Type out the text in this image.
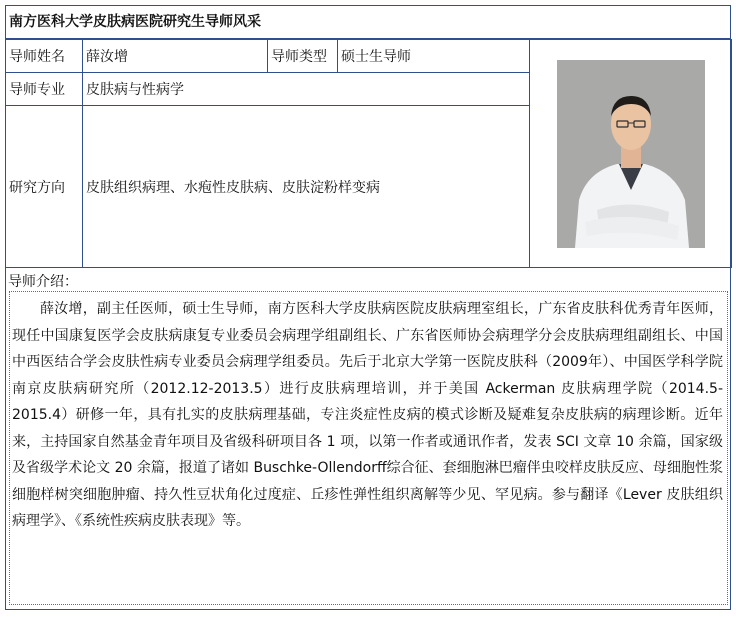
南方医科大学皮肤病医院研究生导师风采
导师姓名	薛汝增	导师类型	硕士生导师	

导师专业	皮肤病与性病学			
研究方向	皮肤组织病理、水疱性皮肤病、皮肤淀粉样变病			
导师介绍：

薛汝增，副主任医师，硕士生导师，南方医科大学皮肤病医院皮肤病理室组长，广东省皮肤科优秀青年医师，现任中国康复医学会皮肤病康复专业委员会病理学组副组长、广东省医师协会病理学分会皮肤病理组副组长、中国中西医结合学会皮肤性病专业委员会病理学组委员。先后于北京大学第一医院皮肤科（2009年）、中国医学科学院南京皮肤病研究所（2012.12-2013.5）进行皮肤病理培训，并于美国 Ackerman 皮肤病理学院（2014.5-2015.4）研修一年，具有扎实的皮肤病理基础，专注炎症性皮病的模式诊断及疑难复杂皮肤病的病理诊断。近年来，主持国家自然基金青年项目及省级科研项目各 1 项，以第一作者或通讯作者，发表 SCI 文章 10 余篇，国家级及省级学术论文 20 余篇，报道了诸如 Buschke-Ollendorff综合征、套细胞淋巴瘤伴虫咬样皮肤反应、母细胞性浆细胞样树突细胞肿瘤、持久性豆状角化过度症、丘疹性弹性组织离解等少见、罕见病。参与翻译《Lever 皮肤组织病理学》、《系统性疾病皮肤表现》等。
